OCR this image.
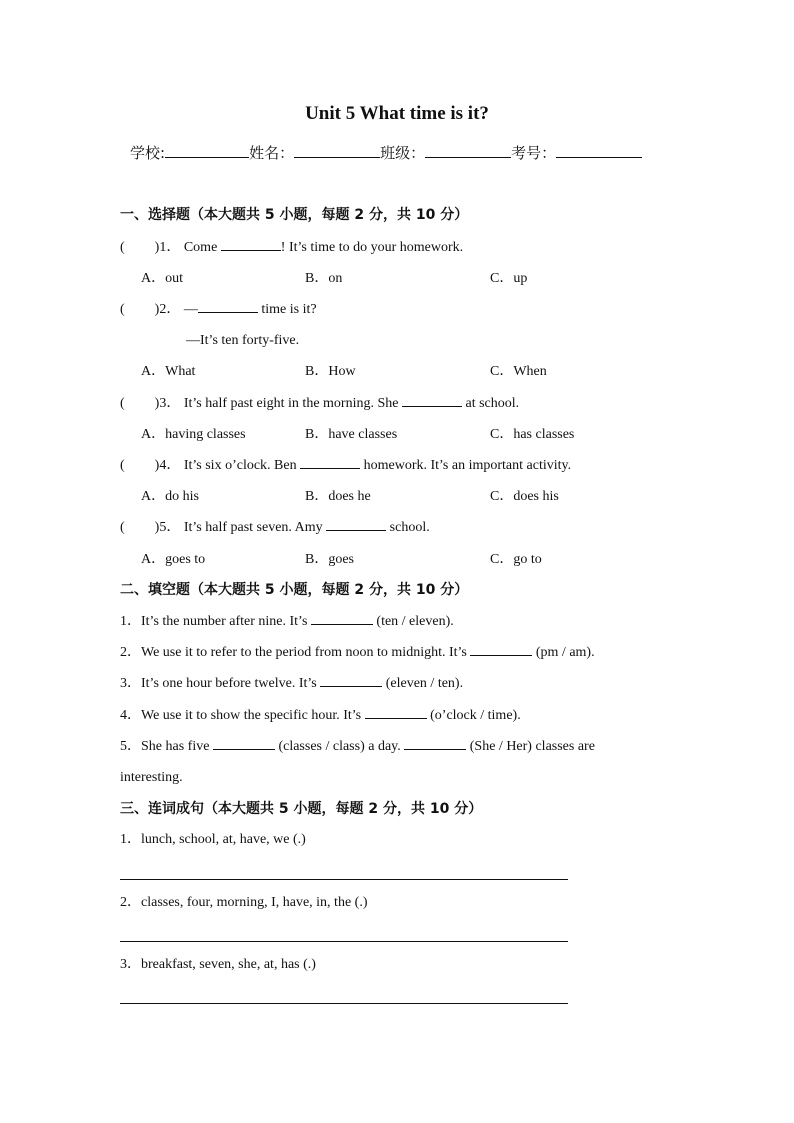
Unit 5 What time is it?
学校:	姓名：	班级：	考号：
一、选择题（本大题共 5 小题，每题 2 分，共 10 分）
( )1． Come	! It’s time to do your homework.
A．out	B．on	C．up
( )2． —	time is it?
—It’s ten forty-five.
A．What	B．How	C．When
( )3． It’s half past eight in the morning. She	at school.
A．having classes	B．have classes	C．has classes
( )4． It’s six o’clock. Ben	homework. It’s an important activity.
A．do his	B．does he	C．does his
( )5． It’s half past seven. Amy	school.
A．goes to	B．goes	C．go to
二、填空题（本大题共 5 小题，每题 2 分，共 10 分）
1．It’s the number after nine. It’s	(ten / eleven).
2．We use it to refer to the period from noon to midnight. It’s	(pm / am).
3．It’s one hour before twelve. It’s	(eleven / ten).
4．We use it to show the specific hour. It’s	(o’clock / time).
5．She has five	(classes / class) a day.	(She / Her) classes are
interesting.
三、连词成句（本大题共 5 小题，每题 2 分，共 10 分）
1．lunch, school, at, have, we (.)
2．classes, four, morning, I, have, in, the (.)
3．breakfast, seven, she, at, has (.)
